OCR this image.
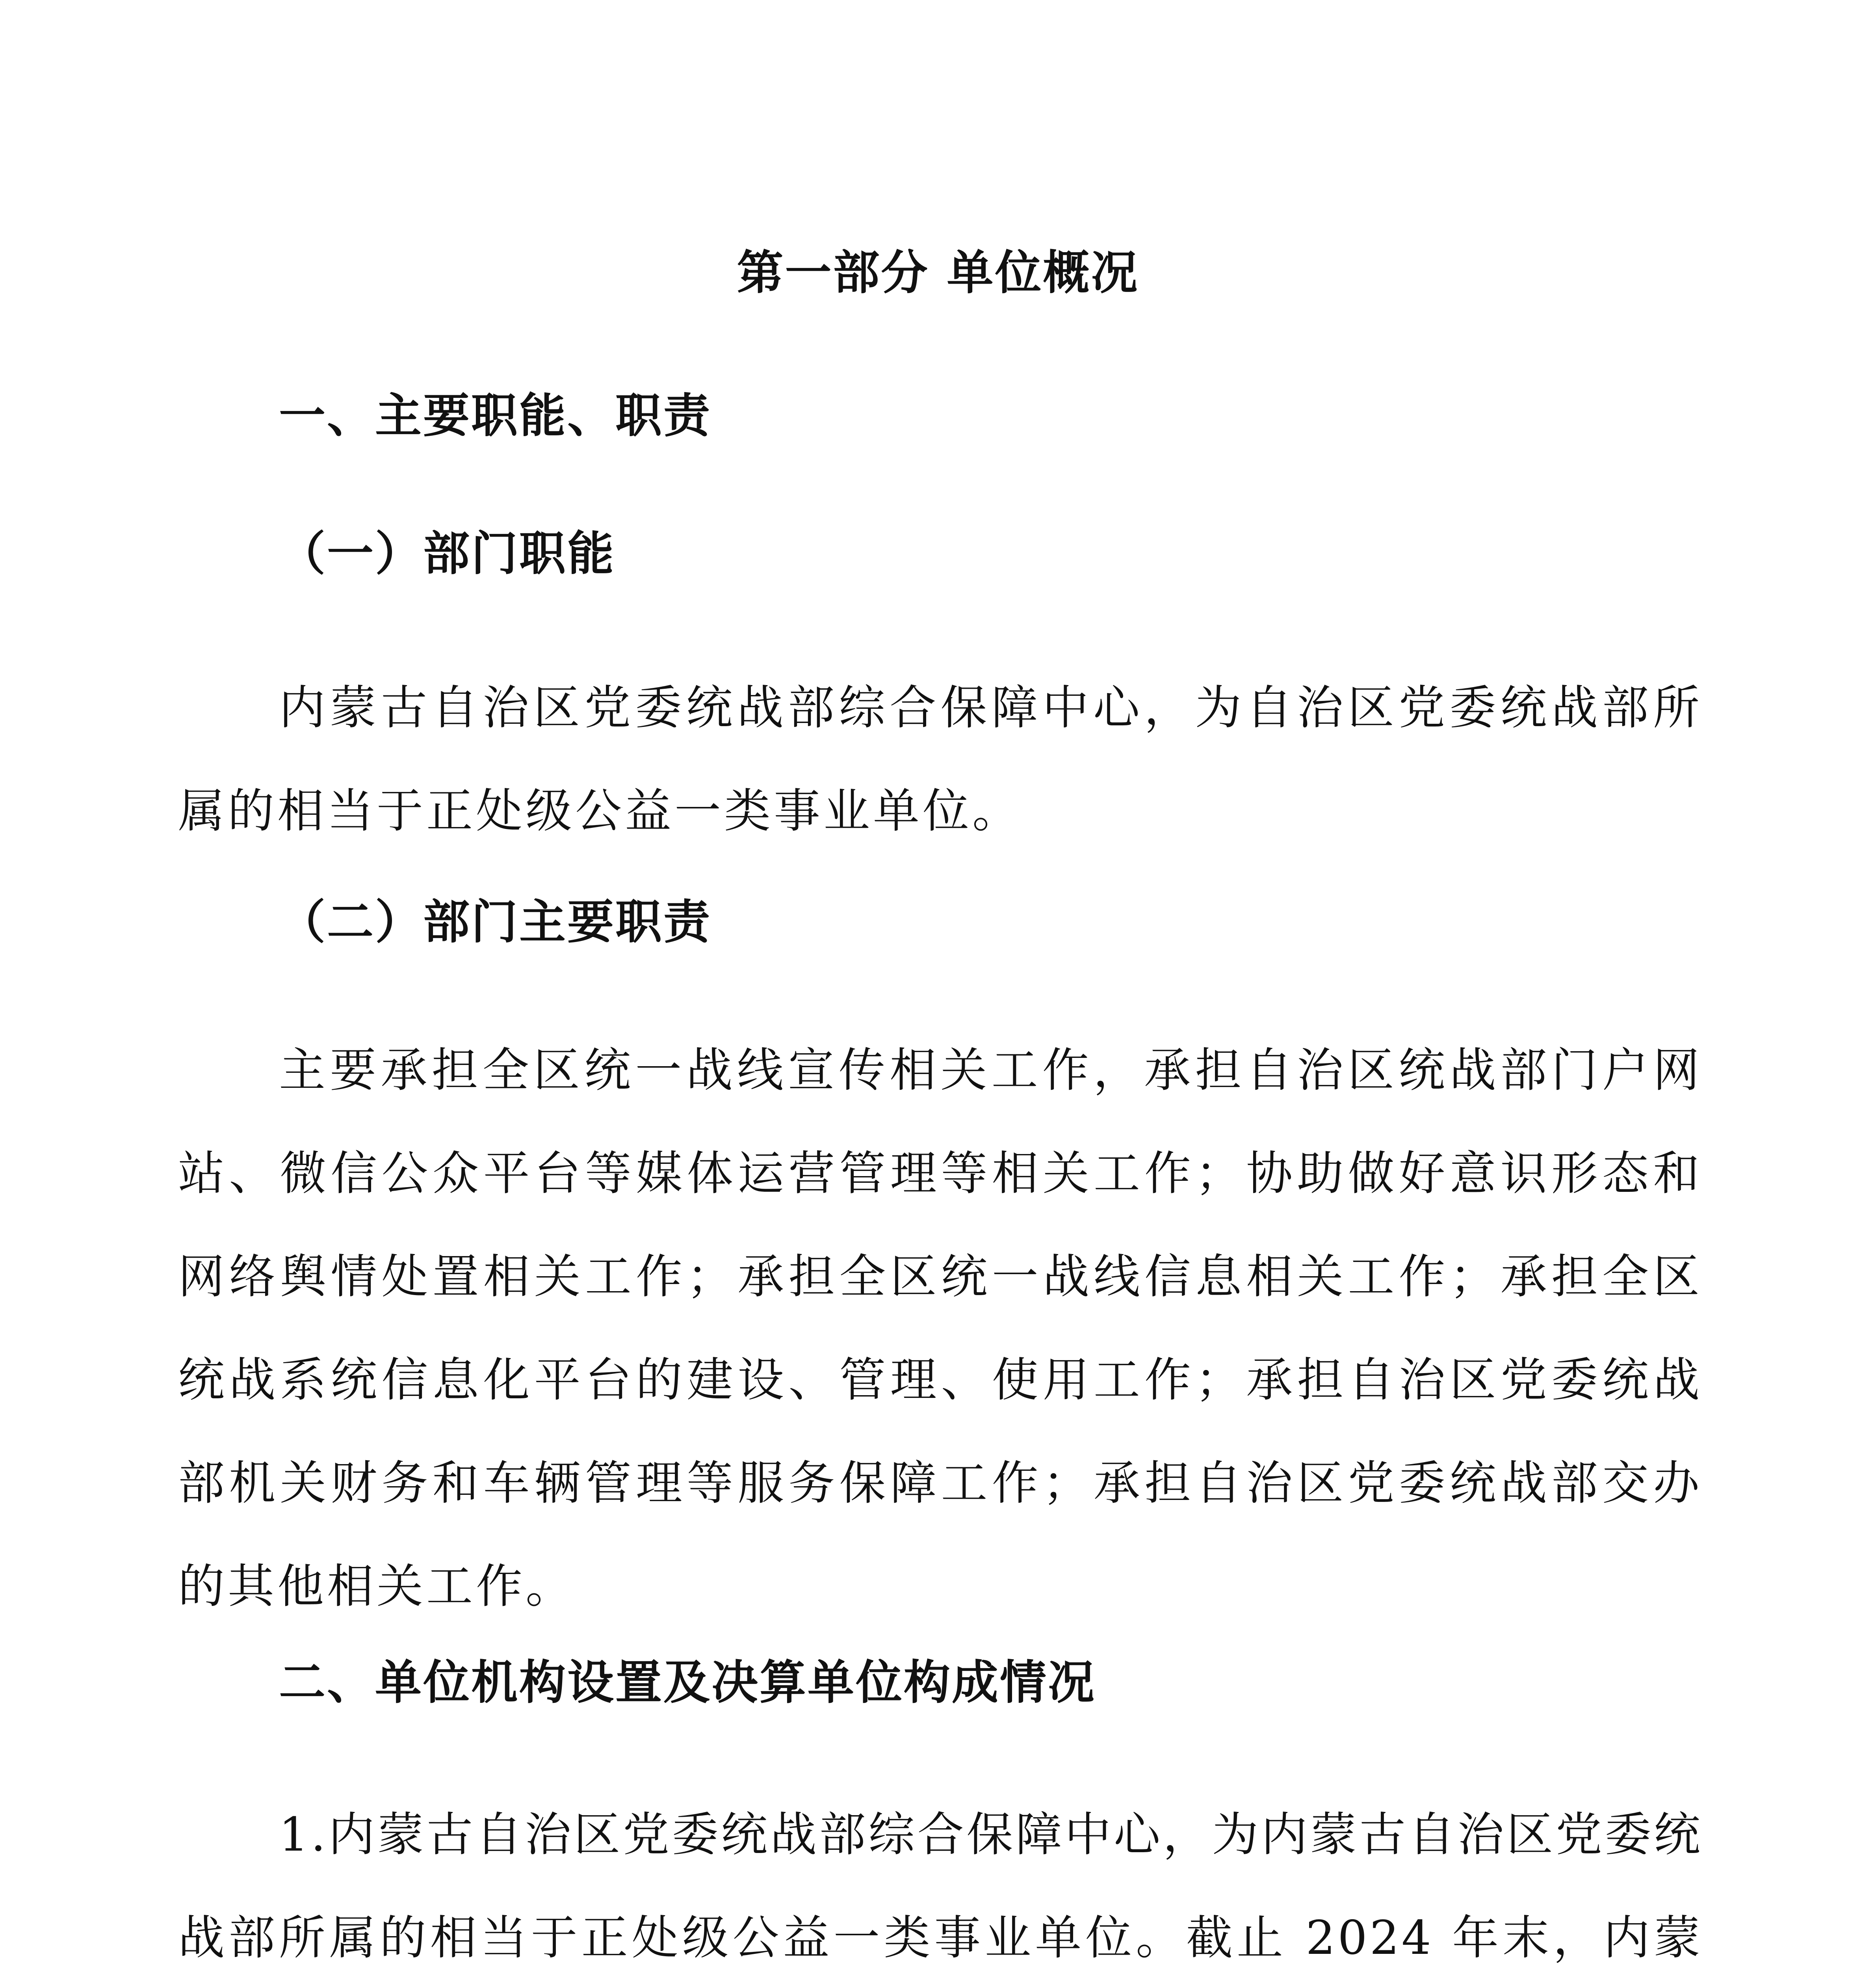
第一部分 单位概况
一、主要职能、职责
（一）部门职能

内蒙古自治区党委统战部综合保障中心，为自治区党委统战部所属的相当于正处级公益一类事业单位。

（二）部门主要职责

主要承担全区统一战线宣传相关工作，承担自治区统战部门户网站、微信公众平台等媒体运营管理等相关工作；协助做好意识形态和网络舆情处置相关工作；承担全区统一战线信息相关工作；承担全区统战系统信息化平台的建设、管理、使用工作；承担自治区党委统战部机关财务和车辆管理等服务保障工作；承担自治区党委统战部交办的其他相关工作。

二、单位机构设置及决算单位构成情况

1.内蒙古自治区党委统战部综合保障中心，为内蒙古自治区党委统战部所属的相当于正处级公益一类事业单位。截止 2024 年末，内蒙
